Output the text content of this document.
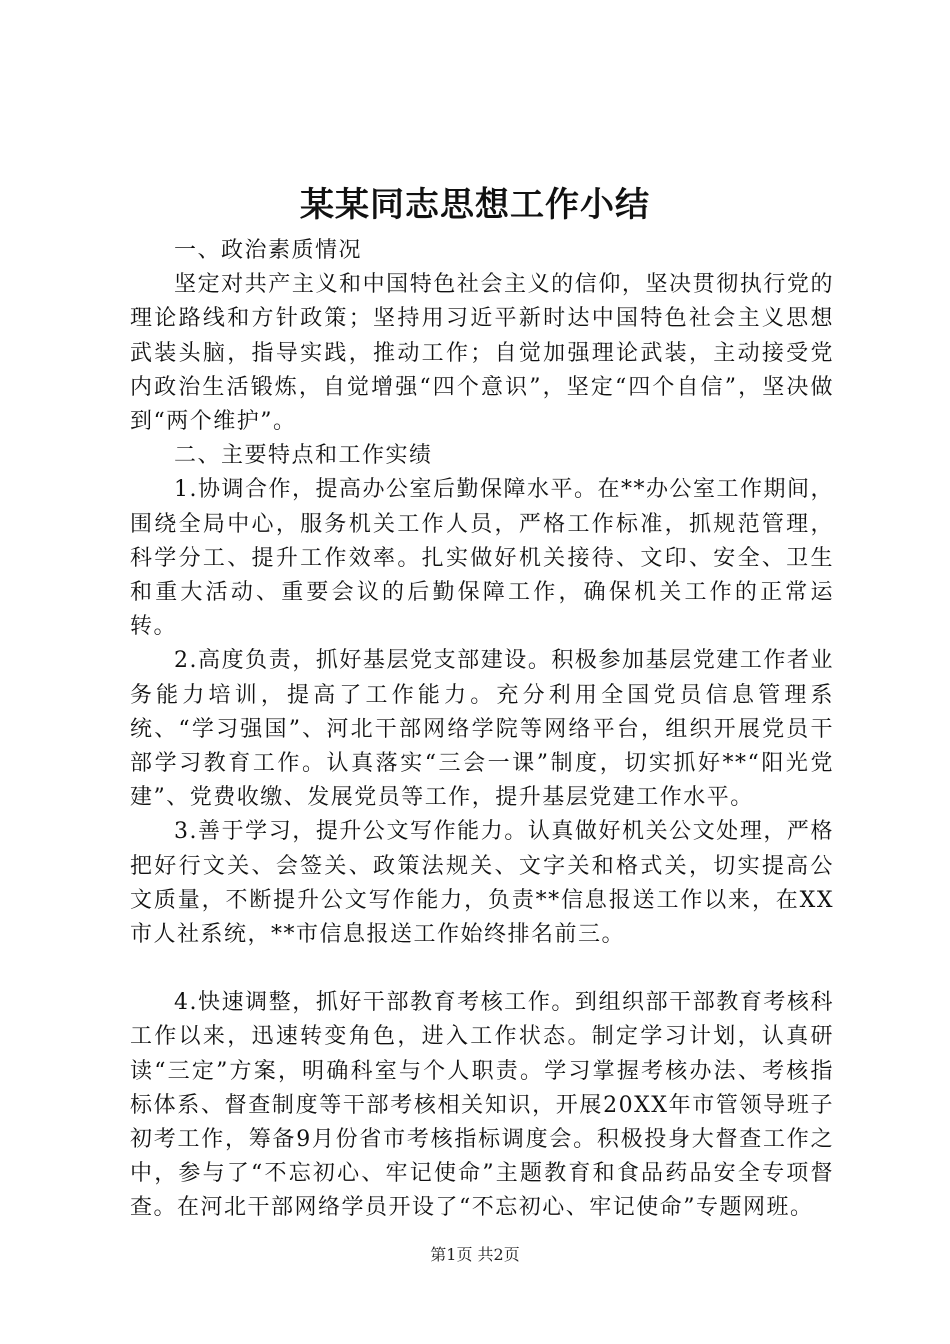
某某同志思想工作小结

一、政治素质情况

坚定对共产主义和中国特色社会主义的信仰，坚决贯彻执行党的理论路线和方针政策；坚持用习近平新时达中国特色社会主义思想武装头脑，指导实践，推动工作；自觉加强理论武装，主动接受党内政治生活锻炼，自觉增强“四个意识”，坚定“四个自信”，坚决做到“两个维护”。

二、主要特点和工作实绩

1.协调合作，提高办公室后勤保障水平。在**办公室工作期间，围绕全局中心，服务机关工作人员，严格工作标准，抓规范管理，科学分工、提升工作效率。扎实做好机关接待、文印、安全、卫生和重大活动、重要会议的后勤保障工作，确保机关工作的正常运转。

2.高度负责，抓好基层党支部建设。积极参加基层党建工作者业务能力培训，提高了工作能力。充分利用全国党员信息管理系统、“学习强国”、河北干部网络学院等网络平台，组织开展党员干部学习教育工作。认真落实“三会一课”制度，切实抓好**“阳光党建”、党费收缴、发展党员等工作，提升基层党建工作水平。

3.善于学习，提升公文写作能力。认真做好机关公文处理，严格把好行文关、会签关、政策法规关、文字关和格式关，切实提高公文质量，不断提升公文写作能力，负责**信息报送工作以来，在XX市人社系统，**市信息报送工作始终排名前三。

4.快速调整，抓好干部教育考核工作。到组织部干部教育考核科工作以来，迅速转变角色，进入工作状态。制定学习计划，认真研读“三定”方案，明确科室与个人职责。学习掌握考核办法、考核指标体系、督查制度等干部考核相关知识，开展20XX年市管领导班子初考工作，筹备9月份省市考核指标调度会。积极投身大督查工作之中，参与了“不忘初心、牢记使命”主题教育和食品药品安全专项督查。在河北干部网络学员开设了“不忘初心、牢记使命”专题网班。

第1页 共2页
